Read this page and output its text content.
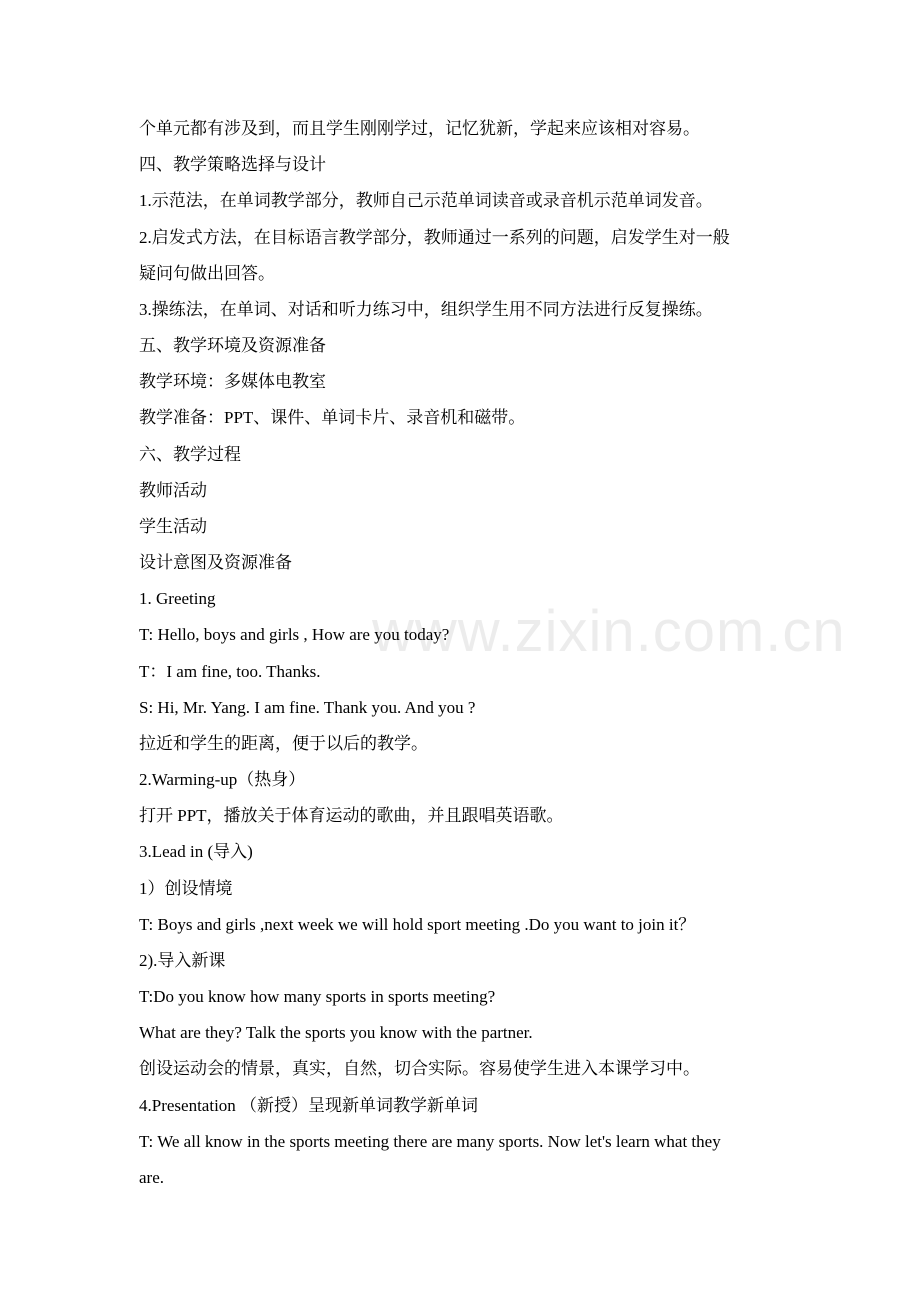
www.zixin.com.cn
个单元都有涉及到，而且学生刚刚学过，记忆犹新，学起来应该相对容易。
四、教学策略选择与设计
1.示范法，在单词教学部分，教师自己示范单词读音或录音机示范单词发音。
2.启发式方法，在目标语言教学部分，教师通过一系列的问题，启发学生对一般
疑问句做出回答。
3.操练法，在单词、对话和听力练习中，组织学生用不同方法进行反复操练。
五、教学环境及资源准备
教学环境：多媒体电教室
教学准备：PPT、课件、单词卡片、录音机和磁带。
六、教学过程
教师活动
学生活动
设计意图及资源准备
1. Greeting
T: Hello, boys and girls , How are you today?
T：I am fine, too. Thanks.
S: Hi, Mr. Yang. I am fine. Thank you. And you ?
拉近和学生的距离，便于以后的教学。
2.Warming-up（热身）
打开 PPT，播放关于体育运动的歌曲，并且跟唱英语歌。
3.Lead in (导入)
1）创设情境
T: Boys and girls ,next week we will hold sport meeting .Do you want to join it？
2).导入新课
T:Do you know how many sports in sports meeting?
What are they? Talk the sports you know with the partner.
创设运动会的情景，真实，自然，切合实际。容易使学生进入本课学习中。
4.Presentation （新授）呈现新单词教学新单词
T: We all know in the sports meeting there are many sports. Now let's learn what they
are.
